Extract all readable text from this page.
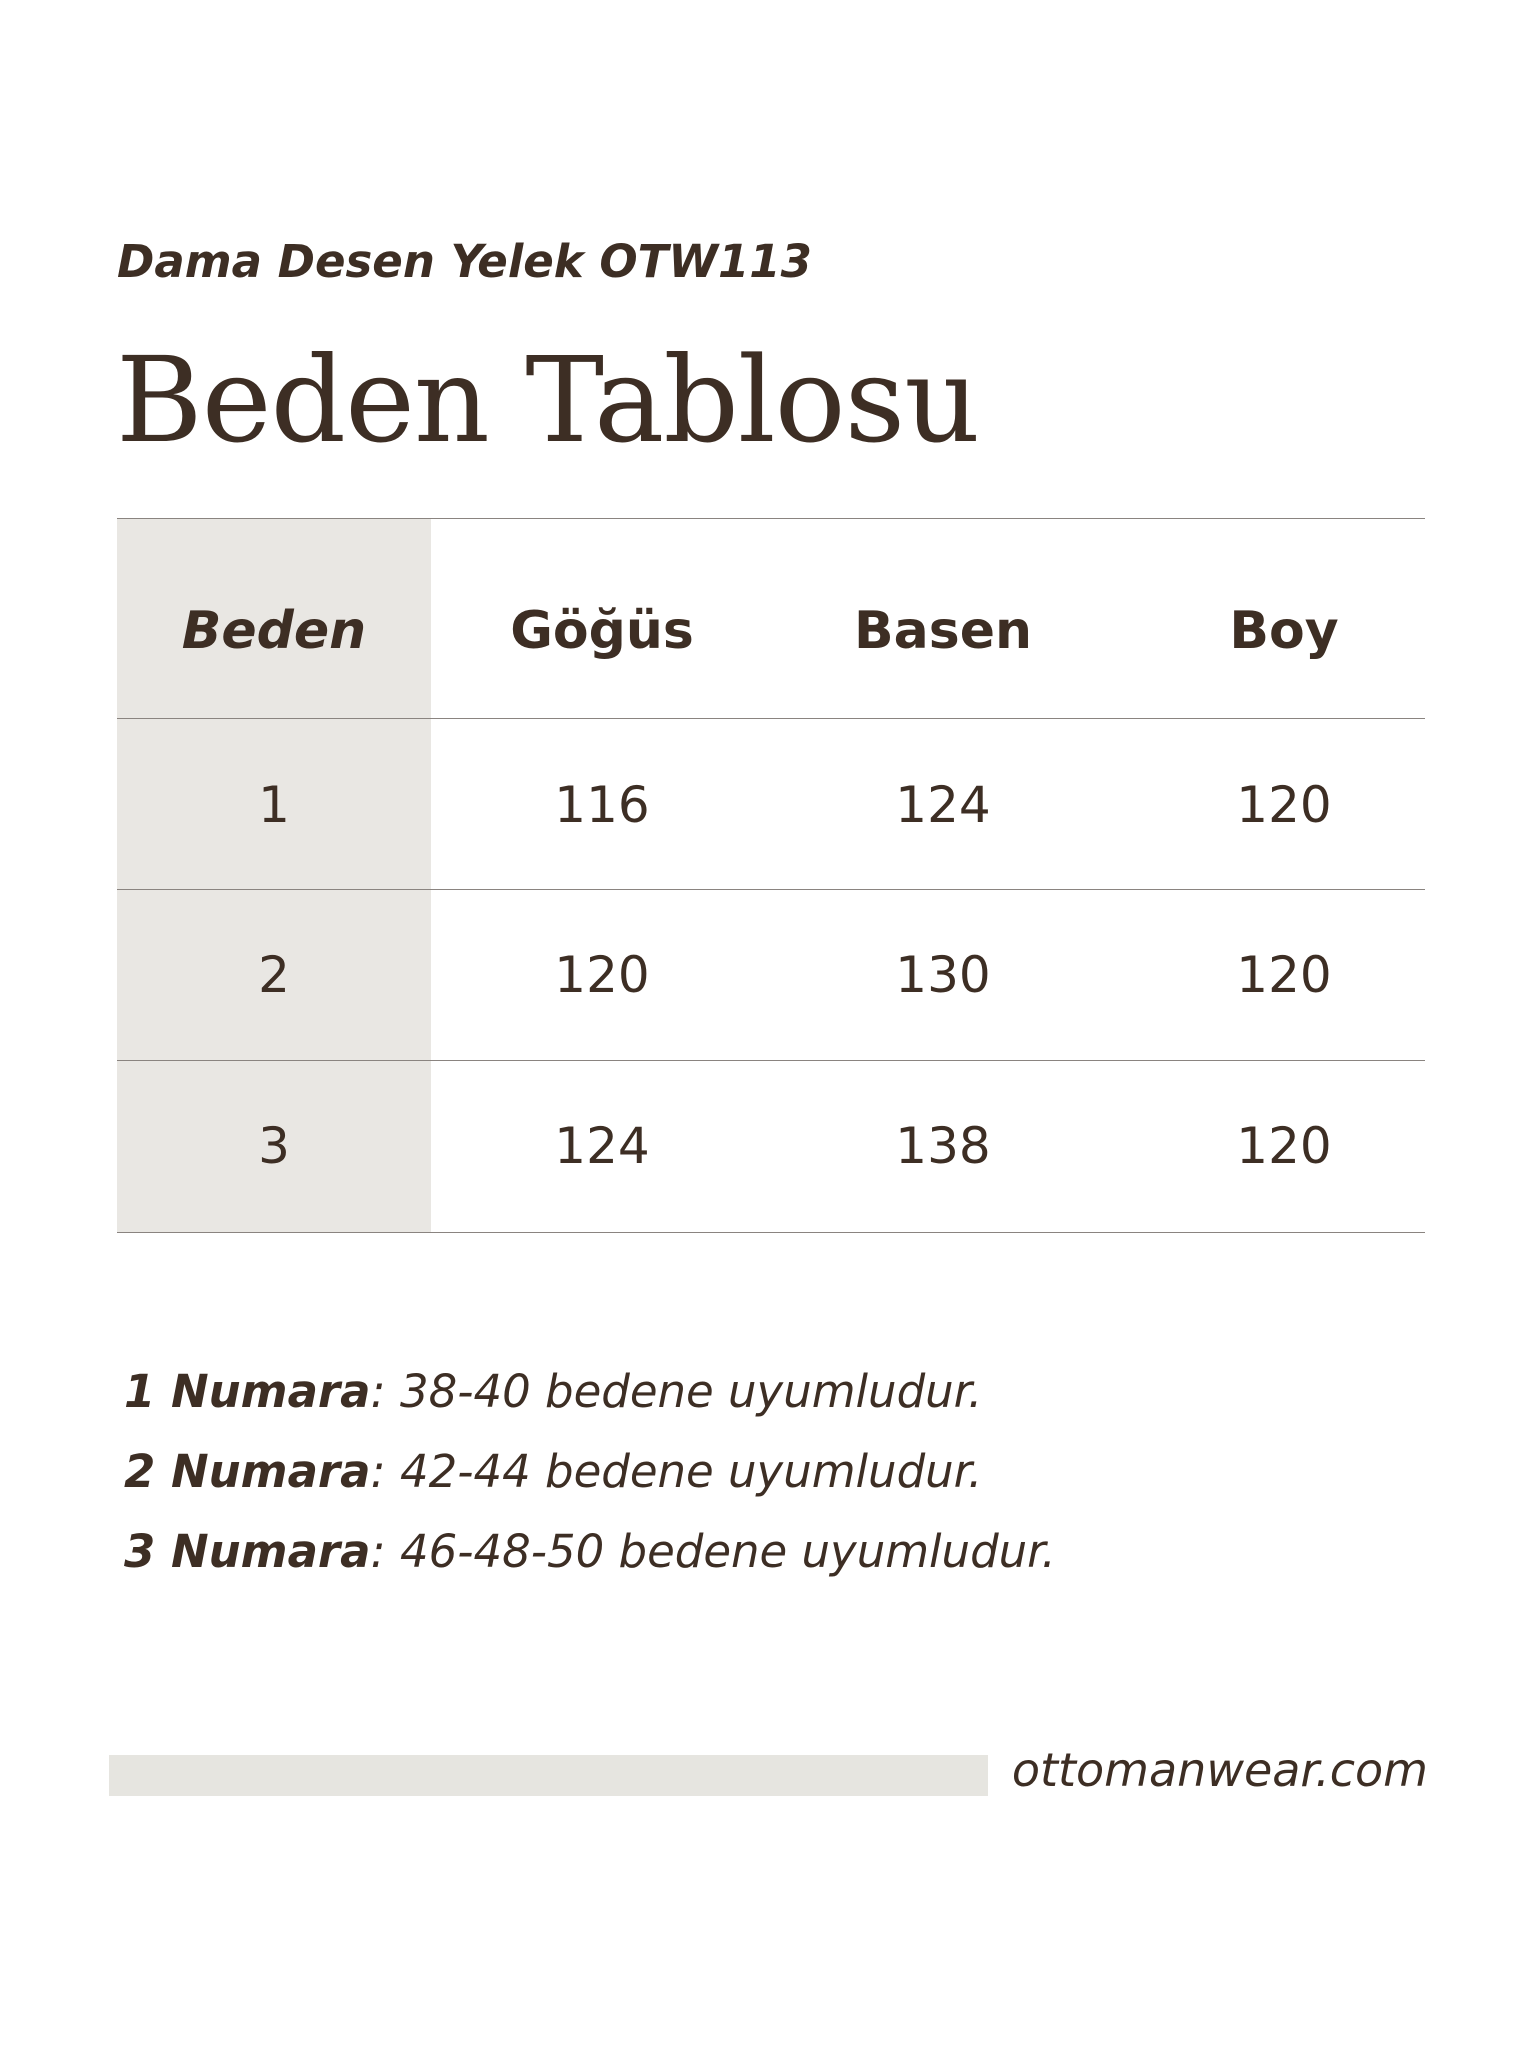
Dama Desen Yelek OTW113
Beden Tablosu
Beden	Göğüs	Basen	Boy
1	116	124	120
2	120	130	120
3	124	138	120
1 Numara: 38-40 bedene uyumludur.
2 Numara: 42-44 bedene uyumludur.
3 Numara: 46-48-50 bedene uyumludur.
ottomanwear.com
